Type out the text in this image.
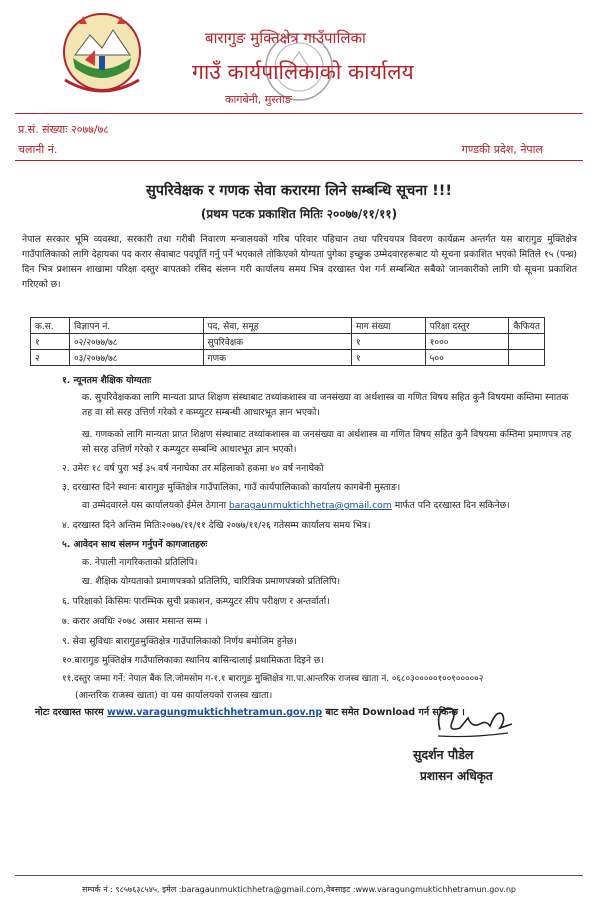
बारागुङ मुक्तिक्षेत्र गाउँपालिका
गाउँ कार्यपालिकाको कार्यालय
कागबेनी, मुस्ताङ
प्र.सं. संख्याः २०७७/७८
चलानी नं.	गण्डकी प्रदेश, नेपाल
सुपरिवेक्षक र गणक सेवा करारमा लिने सम्बन्धि सूचना !!!
(प्रथम पटक प्रकाशित मितिः २००७७/११/११)
नेपाल सरकार भूमि व्यवस्था, सरकारी तथा गरीबी निवारण मन्त्रालयको गरिब परिवार पहिचान तथा परिचयपत्र विवरण कार्यक्रम अन्तर्गत यस बारागुङ मुक्तिक्षेत्र गाउँपालिकाको लागि देहायका पद करार सेवाबाट पदपूर्ति गर्नु पर्ने भएकाले तोकिएको योग्यता पुगेका इच्छुक उम्मेदवारहरूबाट यो सूचना प्रकाशित भएको मितिले १५ (पन्ध्र) दिन भित्र प्रशासन शाखामा परिक्षा दस्तुर बापतको रसिद संलग्न गरी कार्यालय समय भित्र दरखास्त पेश गर्न सम्बन्धित सबैको जानकारीको लागि यो सूचना प्रकाशित गरिएको छ।
क.स.	विज्ञापन नं.	पद, सेवा, समूह	माग संख्या	परिक्षा दस्तुर	कैफियत
१	०२/२०७७/७८	सुपरिवेक्षक	१	१०००	
२	०३/२०७७/७८	गणक	१	५००	
१. न्यूनतम शैक्षिक योग्यताः
क. सुपरिवेक्षकका लागि मान्यता प्राप्त शिक्षण संस्थाबाट तथ्यांकशास्त्र वा जनसंख्या वा अर्थशास्त्र वा गणित विषय सहित कुनै विषयमा कम्तिमा स्नातक तह वा सो सरह उत्तिर्ण गरेको र कम्प्युटर सम्बन्धी आधारभूत ज्ञान भएको।
ख. गणकको लागि मान्यता प्राप्त शिक्षण संस्थाबाट तथ्यांकशास्त्र वा जनसंख्या वा अर्थशास्त्र वा गणित विषय सहित कुनै विषयमा कम्तिमा प्रमाणपत्र तह सो सरह उत्तिर्ण गरेको र कम्प्युटर सम्बन्धि आधारभूत ज्ञान भएको।
२. उमेरः १८ वर्ष पुरा भई ३५ वर्ष ननाघेका तर महिलाको हकमा ४० वर्ष ननाघेको
३. दरखास्त दिने स्थानः बारागुङ मुक्तिक्षेत्र गाउँपालिका, गाउँ कार्यपालिकाको कार्यालय कागबेनी मुस्ताङ।
वा उम्मेदवारले यस कार्यालयको ईमेल ठेगाना baragaunmuktichhetra@gmail.com मार्फत पनि दरखास्त दिन सकिनेछ।
४. दरखास्त दिने अन्तिम मितिः२०७७/११/११ देखि २०७७/११/२६ गतेसम्म कार्यालय समय भित्र।
५. आवेदन साथ संलग्न गर्नुपर्ने कागजातहरुः
क. नेपाली नागरिकताको प्रतिलिपि।
ख. शैक्षिक योग्यताको प्रमाणपत्रको प्रतिलिपि, चारित्रिक प्रमाणपत्रको प्रतिलिपि।
६. परिक्षाको किसिमः पारम्भिक सुची प्रकाशन, कम्प्युटर सीप परीक्षण र अन्तर्वार्ता।
७. करार अवधिः २०७८ असार मसान्त सम्म ।
९. सेवा सुविधाः बारागुङमुक्तिक्षेत्र गाउँपालिकाको निर्णय बमोजिम हुनेछ।
१०.बारागुङ मुक्तिक्षेत्र गाउँपालिकाका स्थानिय बासिन्दालाई प्रथामिकता दिइने छ।
११.दस्तुर जम्मा गर्ने: नेपाल बैंक लि.जोमसोम ग-१.१ बारागुङ मुक्तिक्षेत्र गा.पा.आन्तरिक राजस्व खाता नं. ०६८०३०००००१००१०००००२
(आन्तरिक राजस्व खाता) वा यस कार्यालयको राजस्व खाता।
नोटः दरखास्त फारम www.varagungmuktichhetramun.gov.np बाट समेत Download गर्न सकिन्छ ।
सुदर्शन पौडेल
प्रशासन अधिकृत
सम्पर्क नं : ९८५७६३८५४५, इमेल :baragaunmuktichhetra@gmail.com,वेबसाइट :www.varagungmuktichhetramun.gov.np
